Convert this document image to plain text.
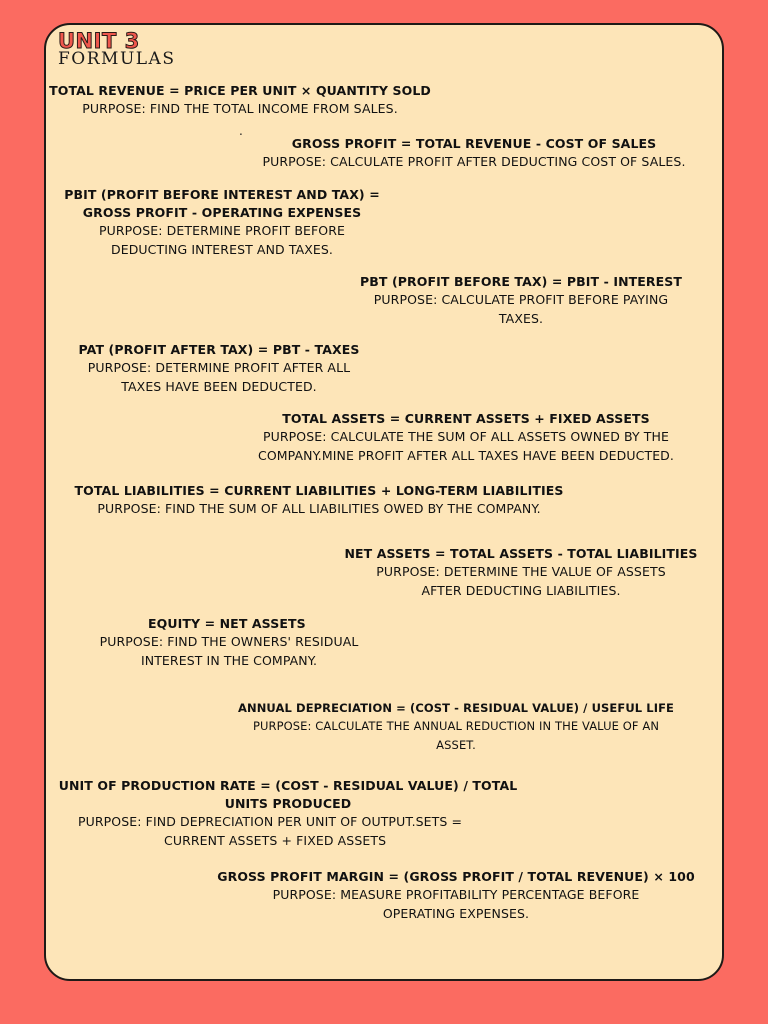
UNIT 3
FORMULAS
.
TOTAL REVENUE = PRICE PER UNIT × QUANTITY SOLD
PURPOSE: FIND THE TOTAL INCOME FROM SALES.
GROSS PROFIT = TOTAL REVENUE - COST OF SALES
PURPOSE: CALCULATE PROFIT AFTER DEDUCTING COST OF SALES.
PBIT (PROFIT BEFORE INTEREST AND TAX) =
GROSS PROFIT - OPERATING EXPENSES
PURPOSE: DETERMINE PROFIT BEFORE
DEDUCTING INTEREST AND TAXES.
PBT (PROFIT BEFORE TAX) = PBIT - INTEREST
PURPOSE: CALCULATE PROFIT BEFORE PAYING
TAXES.
PAT (PROFIT AFTER TAX) = PBT - TAXES
PURPOSE: DETERMINE PROFIT AFTER ALL
TAXES HAVE BEEN DEDUCTED.
TOTAL ASSETS = CURRENT ASSETS + FIXED ASSETS
PURPOSE: CALCULATE THE SUM OF ALL ASSETS OWNED BY THE
COMPANY.MINE PROFIT AFTER ALL TAXES HAVE BEEN DEDUCTED.
TOTAL LIABILITIES = CURRENT LIABILITIES + LONG-TERM LIABILITIES
PURPOSE: FIND THE SUM OF ALL LIABILITIES OWED BY THE COMPANY.
NET ASSETS = TOTAL ASSETS - TOTAL LIABILITIES
PURPOSE: DETERMINE THE VALUE OF ASSETS
AFTER DEDUCTING LIABILITIES.
EQUITY = NET ASSETS
PURPOSE: FIND THE OWNERS' RESIDUAL
INTEREST IN THE COMPANY.
ANNUAL DEPRECIATION = (COST - RESIDUAL VALUE) / USEFUL LIFE
PURPOSE: CALCULATE THE ANNUAL REDUCTION IN THE VALUE OF AN
ASSET.
UNIT OF PRODUCTION RATE = (COST - RESIDUAL VALUE) / TOTAL
UNITS PRODUCED
PURPOSE: FIND DEPRECIATION PER UNIT OF OUTPUT.SETS =
CURRENT ASSETS + FIXED ASSETS
GROSS PROFIT MARGIN = (GROSS PROFIT / TOTAL REVENUE) × 100
PURPOSE: MEASURE PROFITABILITY PERCENTAGE BEFORE
OPERATING EXPENSES.
